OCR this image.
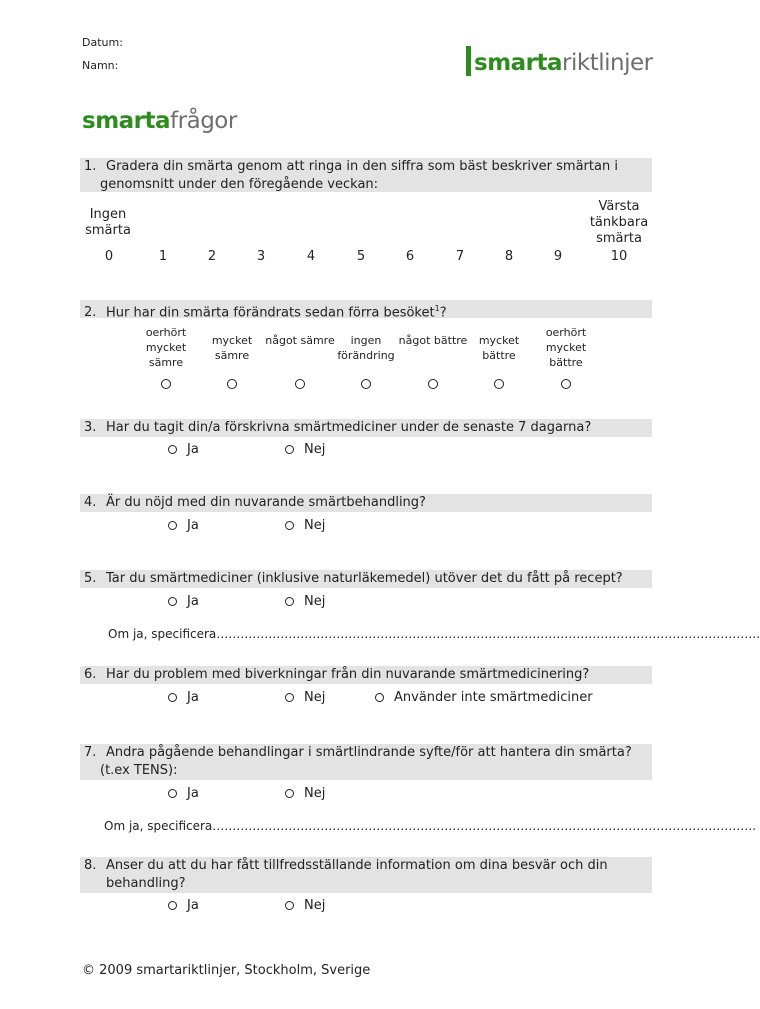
Datum:
Namn:	smarta riktlinjer
smartafrågor
1. Gradera din smärta genom att ringa in den siffra som bäst beskriver smärtan i
genomsnitt under den föregående veckan:
Ingen smärta
Värsta tänkbara smärta
0	1	2	3	4	5	6	7	8	9	10
2. Hur har din smärta förändrats sedan förra besöket$^1$?
oerhört mycket sämre
mycket sämre
något sämre	ingen förändring
något bättre	mycket bättre
oerhört mycket bättre
3. Har du tagit din/a förskrivna smärtmediciner under de senaste 7 dagarna?
Ja	Nej
4. Är du nöjd med din nuvarande smärtbehandling?
Ja	Nej
5. Tar du smärtmediciner (inklusive naturläkemedel) utöver det du fått på recept?
Ja	Nej
Om ja, specificera……………………………………………………………………………………………………………………….
6. Har du problem med biverkningar från din nuvarande smärtmedicinering?
Ja	Nej	Använder inte smärtmediciner
7. Andra pågående behandlingar i smärtlindrande syfte/för att hantera din smärta?
(t.ex TENS):
Ja	Nej
Om ja, specificera……………………………………………………………………………………………………………………….
8. Anser du att du har fått tillfredsställande information om dina besvär och din
behandling?
Ja	Nej
© 2009 smartariktlinjer, Stockholm, Sverige
